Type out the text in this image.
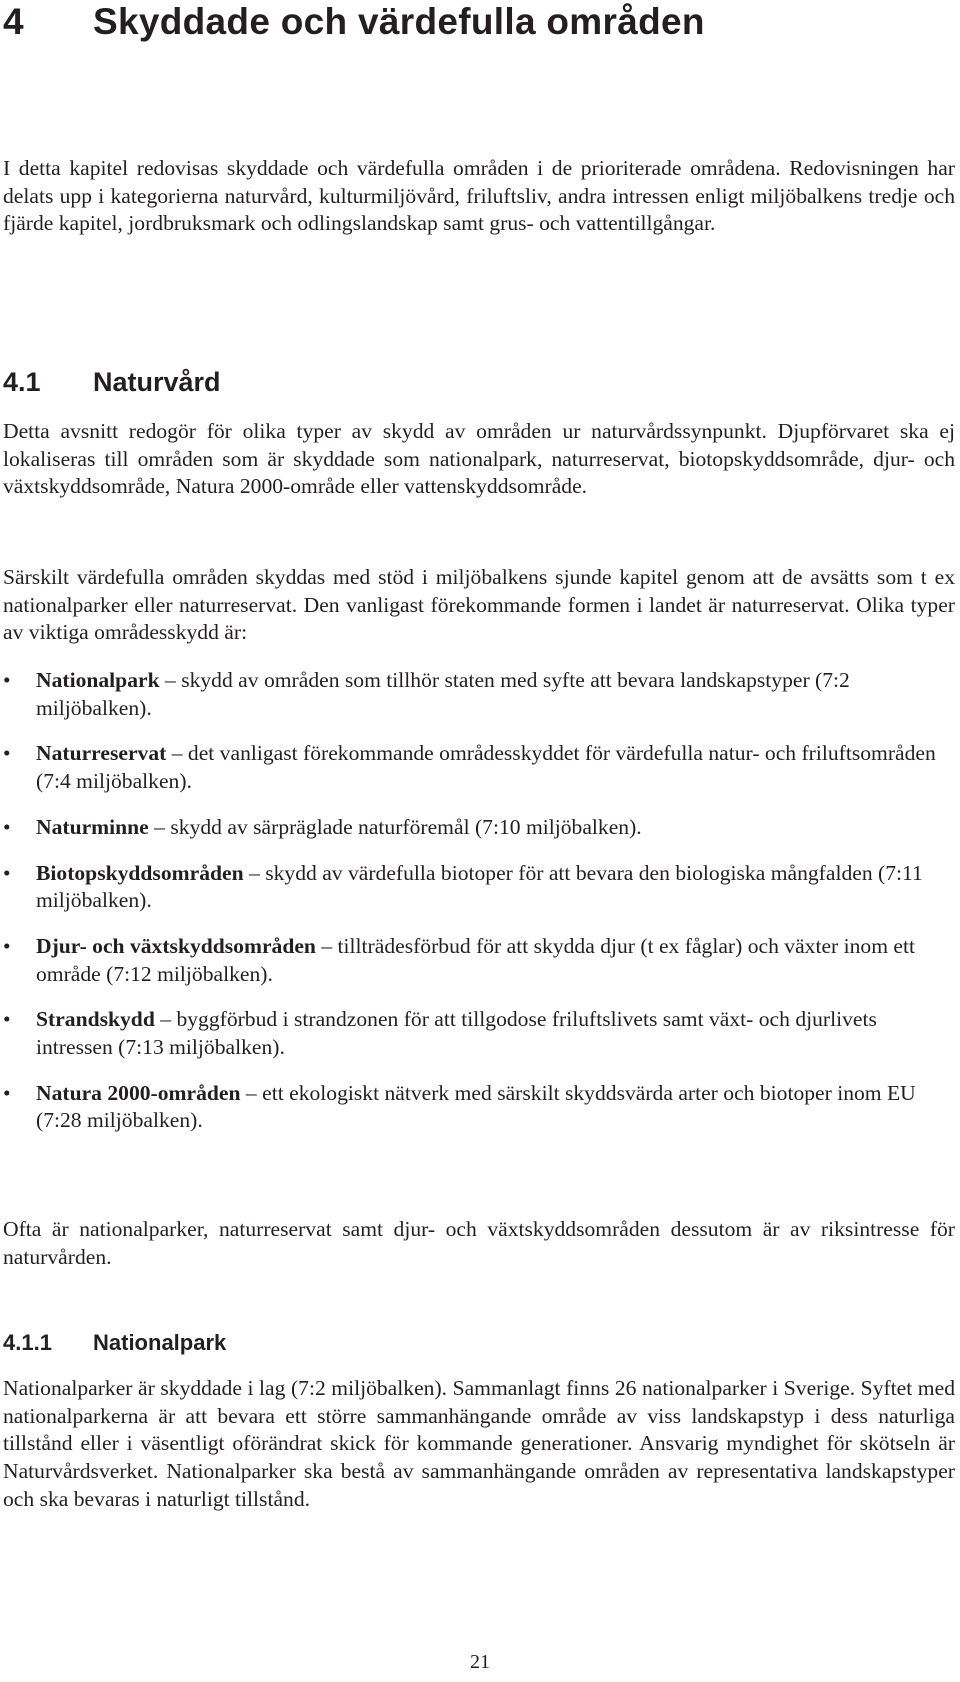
4 Skyddade och värdefulla områden

I detta kapitel redovisas skyddade och värdefulla områden i de prioriterade områdena. Redovisningen har delats upp i kategorierna naturvård, kulturmiljövård, friluftsliv, andra intressen enligt miljöbalkens tredje och fjärde kapitel, jordbruksmark och odlingslandskap samt grus- och vattentillgångar.

4.1 Naturvård

Detta avsnitt redogör för olika typer av skydd av områden ur naturvårdssynpunkt. Djupförvaret ska ej lokaliseras till områden som är skyddade som nationalpark, naturreservat, biotopskyddsområde, djur- och växtskyddsområde, Natura 2000-område eller vattenskyddsområde.

Särskilt värdefulla områden skyddas med stöd i miljöbalkens sjunde kapitel genom att de avsätts som t ex nationalparker eller naturreservat. Den vanligast förekommande formen i landet är naturreservat. Olika typer av viktiga områdesskydd är:

• Nationalpark – skydd av områden som tillhör staten med syfte att bevara landskapstyper (7:2 miljöbalken).
• Naturreservat – det vanligast förekommande områdesskyddet för värdefulla natur- och friluftsområden (7:4 miljöbalken).
• Naturminne – skydd av särpräglade naturföremål (7:10 miljöbalken).
• Biotopskyddsområden – skydd av värdefulla biotoper för att bevara den biologiska mångfalden (7:11 miljöbalken).
• Djur- och växtskyddsområden – tillträdesförbud för att skydda djur (t ex fåglar) och växter inom ett område (7:12 miljöbalken).
• Strandskydd – byggförbud i strandzonen för att tillgodose friluftslivets samt växt- och djurlivets intressen (7:13 miljöbalken).
• Natura 2000-områden – ett ekologiskt nätverk med särskilt skyddsvärda arter och biotoper inom EU (7:28 miljöbalken).

Ofta är nationalparker, naturreservat samt djur- och växtskyddsområden dessutom är av riksintresse för naturvården.

4.1.1 Nationalpark

Nationalparker är skyddade i lag (7:2 miljöbalken). Sammanlagt finns 26 nationalparker i Sverige. Syftet med nationalparkerna är att bevara ett större sammanhängande område av viss landskapstyp i dess naturliga tillstånd eller i väsentligt oförändrat skick för kommande generationer. Ansvarig myndighet för skötseln är Naturvårdsverket. Nationalparker ska bestå av sammanhängande områden av representativa landskapstyper och ska bevaras i naturligt tillstånd.

21
